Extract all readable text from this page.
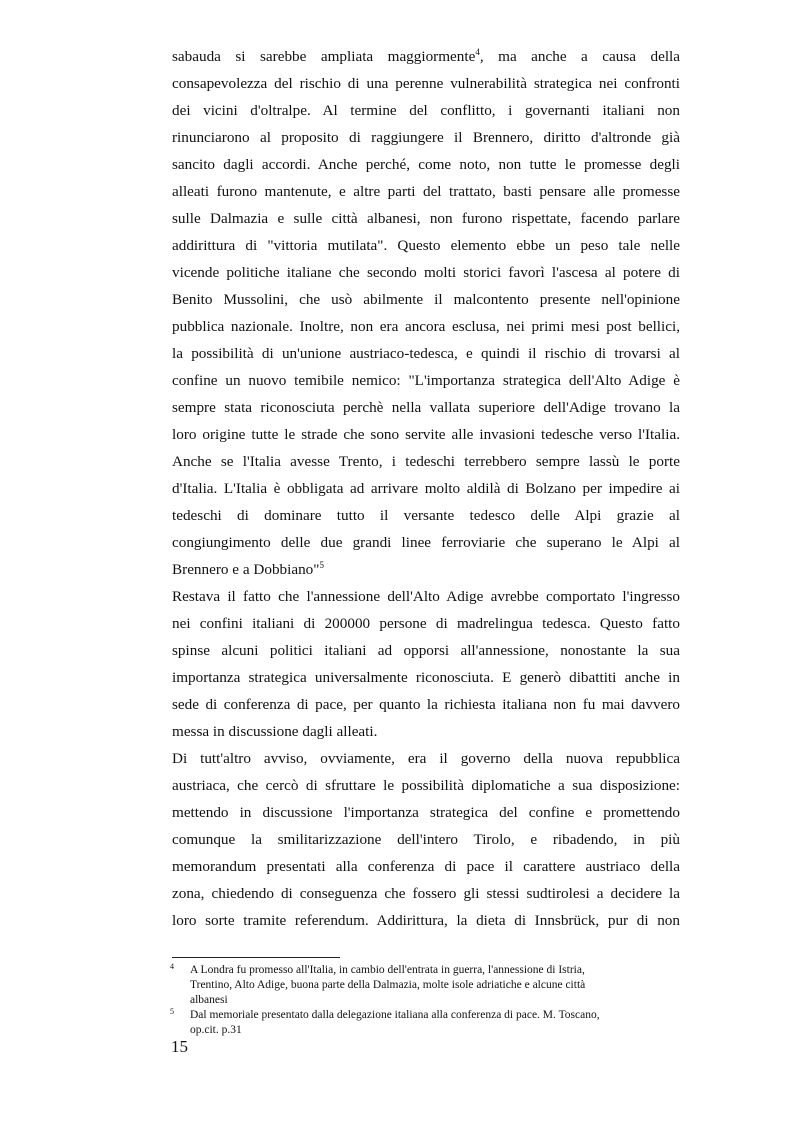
sabauda si sarebbe ampliata maggiormente$^4$, ma anche a causa della
consapevolezza del rischio di una perenne vulnerabilità strategica nei confronti
dei vicini d'oltralpe. Al termine del conflitto, i governanti italiani non
rinunciarono al proposito di raggiungere il Brennero, diritto d'altronde già
sancito dagli accordi. Anche perché, come noto, non tutte le promesse degli
alleati furono mantenute, e altre parti del trattato, basti pensare alle promesse
sulle Dalmazia e sulle città albanesi, non furono rispettate, facendo parlare
addirittura di "vittoria mutilata". Questo elemento ebbe un peso tale nelle
vicende politiche italiane che secondo molti storici favorì l'ascesa al potere di
Benito Mussolini, che usò abilmente il malcontento presente nell'opinione
pubblica nazionale. Inoltre, non era ancora esclusa, nei primi mesi post bellici,
la possibilità di un'unione austriaco-tedesca, e quindi il rischio di trovarsi al
confine un nuovo temibile nemico: "L'importanza strategica dell'Alto Adige è
sempre stata riconosciuta perchè nella vallata superiore dell'Adige trovano la
loro origine tutte le strade che sono servite alle invasioni tedesche verso l'Italia.
Anche se l'Italia avesse Trento, i tedeschi terrebbero sempre lassù le porte
d'Italia. L'Italia è obbligata ad arrivare molto aldilà di Bolzano per impedire ai
tedeschi di dominare tutto il versante tedesco delle Alpi grazie al
congiungimento delle due grandi linee ferroviarie che superano le Alpi al
Brennero e a Dobbiano"$^5$
Restava il fatto che l'annessione dell'Alto Adige avrebbe comportato l'ingresso
nei confini italiani di 200000 persone di madrelingua tedesca. Questo fatto
spinse alcuni politici italiani ad opporsi all'annessione, nonostante la sua
importanza strategica universalmente riconosciuta. E generò dibattiti anche in
sede di conferenza di pace, per quanto la richiesta italiana non fu mai davvero
messa in discussione dagli alleati.
Di tutt'altro avviso, ovviamente, era il governo della nuova repubblica
austriaca, che cercò di sfruttare le possibilità diplomatiche a sua disposizione:
mettendo in discussione l'importanza strategica del confine e promettendo
comunque la smilitarizzazione dell'intero Tirolo, e ribadendo, in più
memorandum presentati alla conferenza di pace il carattere austriaco della
zona, chiedendo di conseguenza che fossero gli stessi sudtirolesi a decidere la
loro sorte tramite referendum. Addirittura, la dieta di Innsbrück, pur di non
4 A Londra fu promesso all'Italia, in cambio dell'entrata in guerra, l'annessione di Istria,
Trentino, Alto Adige, buona parte della Dalmazia, molte isole adriatiche e alcune città
albanesi
5 Dal memoriale presentato dalla delegazione italiana alla conferenza di pace. M. Toscano,
op.cit. p.31
15
